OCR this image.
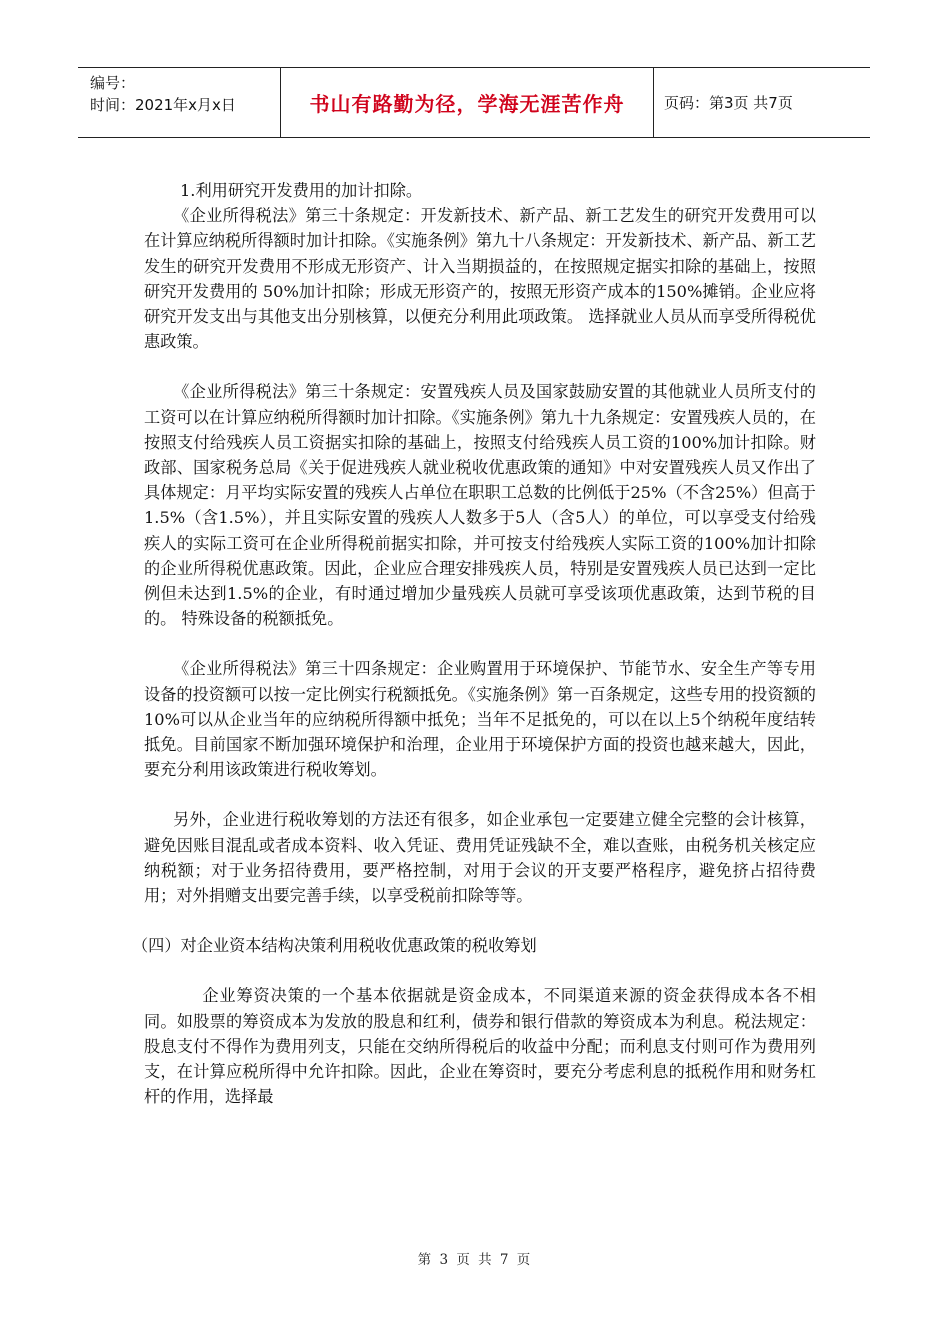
编号：
时间：2021年x月x日	书山有路勤为径，学海无涯苦作舟	页码：第3页 共7页

1.利用研究开发费用的加计扣除。

《企业所得税法》第三十条规定：开发新技术、新产品、新工艺发生的研究开发费用可以在计算应纳税所得额时加计扣除。《实施条例》第九十八条规定：开发新技术、新产品、新工艺发生的研究开发费用不形成无形资产、计入当期损益的，在按照规定据实扣除的基础上，按照研究开发费用的 50%加计扣除；形成无形资产的，按照无形资产成本的150%摊销。企业应将研究开发支出与其他支出分别核算，以便充分利用此项政策。 选择就业人员从而享受所得税优惠政策。

《企业所得税法》第三十条规定：安置残疾人员及国家鼓励安置的其他就业人员所支付的工资可以在计算应纳税所得额时加计扣除。《实施条例》第九十九条规定：安置残疾人员的，在按照支付给残疾人员工资据实扣除的基础上，按照支付给残疾人员工资的100%加计扣除。财政部、国家税务总局《关于促进残疾人就业税收优惠政策的通知》中对安置残疾人员又作出了具体规定：月平均实际安置的残疾人占单位在职职工总数的比例低于25%（不含25%）但高于1.5%（含1.5%），并且实际安置的残疾人人数多于5人（含5人）的单位，可以享受支付给残疾人的实际工资可在企业所得税前据实扣除，并可按支付给残疾人实际工资的100%加计扣除的企业所得税优惠政策。因此，企业应合理安排残疾人员，特别是安置残疾人员已达到一定比例但未达到1.5%的企业，有时通过增加少量残疾人员就可享受该项优惠政策，达到节税的目的。 特殊设备的税额抵免。

《企业所得税法》第三十四条规定：企业购置用于环境保护、节能节水、安全生产等专用设备的投资额可以按一定比例实行税额抵免。《实施条例》第一百条规定，这些专用的投资额的10%可以从企业当年的应纳税所得额中抵免；当年不足抵免的，可以在以上5个纳税年度结转抵免。目前国家不断加强环境保护和治理，企业用于环境保护方面的投资也越来越大，因此，要充分利用该政策进行税收筹划。

另外，企业进行税收筹划的方法还有很多，如企业承包一定要建立健全完整的会计核算，避免因账目混乱或者成本资料、收入凭证、费用凭证残缺不全，难以查账，由税务机关核定应纳税额；对于业务招待费用，要严格控制，对用于会议的开支要严格程序，避免挤占招待费用；对外捐赠支出要完善手续，以享受税前扣除等等。

（四）对企业资本结构决策利用税收优惠政策的税收筹划

企业筹资决策的一个基本依据就是资金成本，不同渠道来源的资金获得成本各不相同。如股票的筹资成本为发放的股息和红利，债券和银行借款的筹资成本为利息。税法规定：股息支付不得作为费用列支，只能在交纳所得税后的收益中分配；而利息支付则可作为费用列支，在计算应税所得中允许扣除。因此，企业在筹资时，要充分考虑利息的抵税作用和财务杠杆的作用，选择最

第 3 页 共 7 页
